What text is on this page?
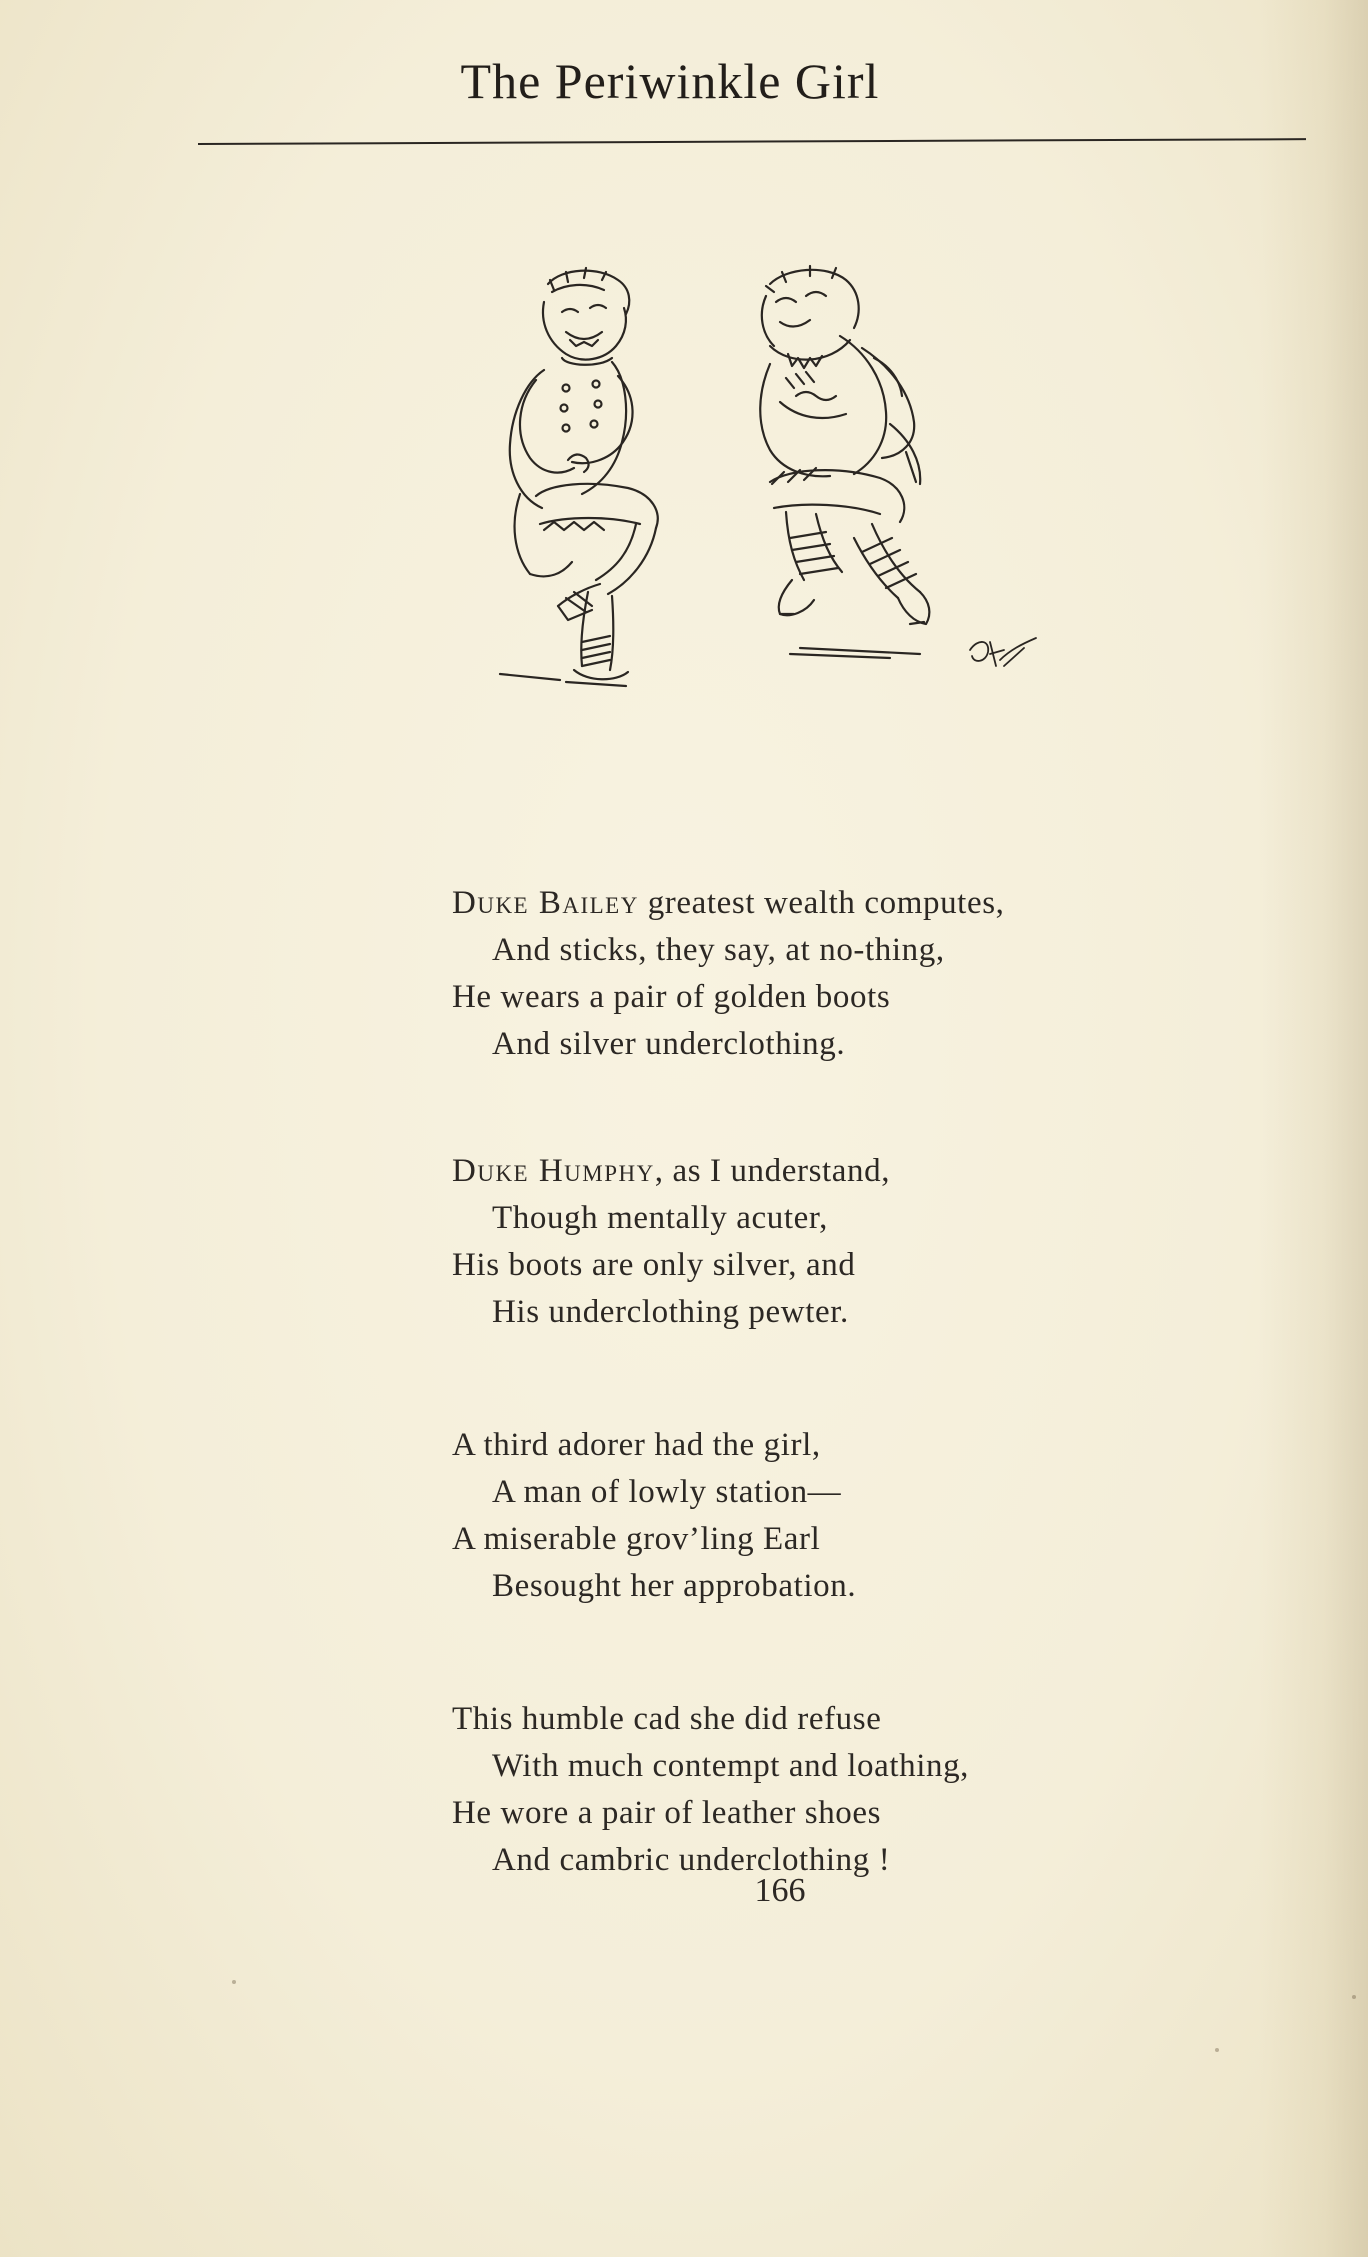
The Periwinkle Girl
Duke Bailey greatest wealth computes,
And sticks, they say, at no-thing,
He wears a pair of golden boots
And silver underclothing.
Duke Humphy, as I understand,
Though mentally acuter,
His boots are only silver, and
His underclothing pewter.
A third adorer had the girl,
A man of lowly station—
A miserable grov’ling Earl
Besought her approbation.
This humble cad she did refuse
With much contempt and loathing,
He wore a pair of leather shoes
And cambric underclothing !
166
